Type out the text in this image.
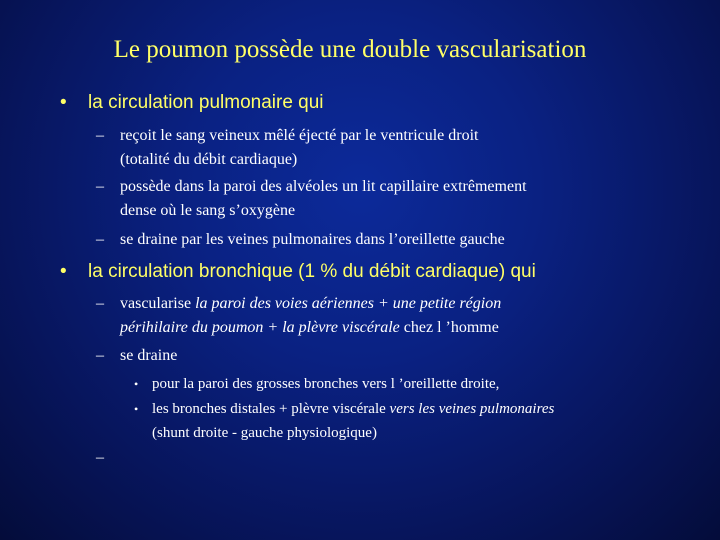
Le poumon possède une double vascularisation
• la circulation pulmonaire qui
– reçoit le sang veineux mêlé éjecté par le ventricule droit
(totalité du débit cardiaque)
– possède dans la paroi des alvéoles un lit capillaire extrêmement
dense où le sang s’oxygène
– se draine par les veines pulmonaires dans l’oreillette gauche
• la circulation bronchique (1 % du débit cardiaque) qui
– vascularise la paroi des voies aériennes + une petite région
périhilaire du poumon + la plèvre viscérale chez l ’homme
– se draine
• pour la paroi des grosses bronches vers l ’oreillette droite,
• les bronches distales + plèvre viscérale vers les veines pulmonaires
(shunt droite - gauche physiologique)
–
